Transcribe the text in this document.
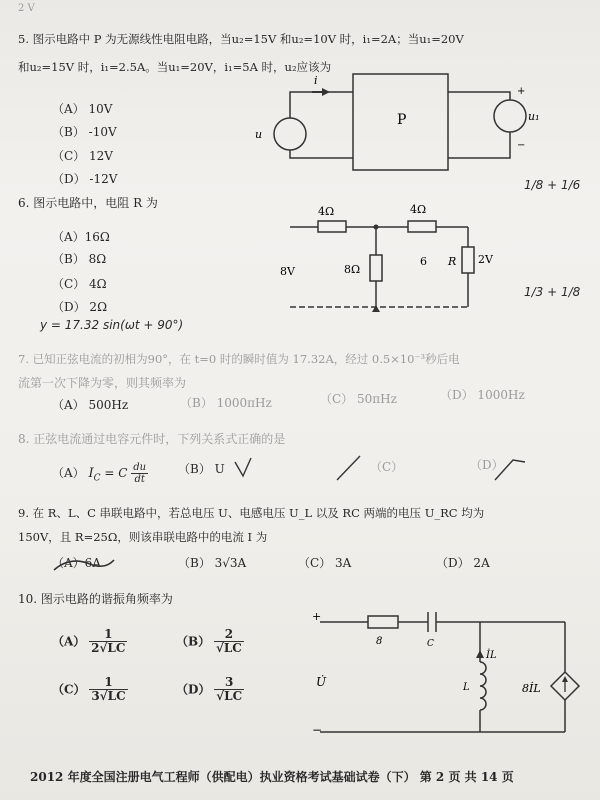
2 V
5. 图示电路中 P 为无源线性电阻电路，当u₂=15V 和u₂=10V 时，i₁=2A；当u₁=20V
和u₂=15V 时，i₁=2.5A。当u₁=20V，i₁=5A 时，u₂应该为
（A） 10V
（B） -10V
（C） 12V
（D） -12V
P
u
u₁
i
+
−
6. 图示电路中，电阻 R 为
（A）16Ω
（B） 8Ω
（C） 4Ω
（D） 2Ω
4Ω	4Ω
8Ω
8V
6 R 2V
y = 17.32 sin(ωt + 90°)
1/8 + 1/6
1/3 + 1/8
7. 已知正弦电流的初相为90°，在 t=0 时的瞬时值为 17.32A，经过 0.5×10⁻³秒后电
流第一次下降为零，则其频率为
（A） 500Hz	（B） 1000πHz	（C） 50πHz	（D） 1000Hz
8. 正弦电流通过电容元件时，下列关系式正确的是
（A） $I_C = C \frac{du}{dt} (B)$ U	（C）	（D）
9. 在 R、L、C 串联电路中，若总电压 U、电感电压 U_L 以及 RC 两端的电压 U_RC 均为
150V，且 R=25Ω，则该串联电路中的电流 I 为
（A）6A	（B） 3√3A	（C） 3A	（D） 2A
10. 图示电路的谐振角频率为
$(A) \frac{1}{2√LC}$	$(B) \frac{2}{√LC}$
$(C) \frac{1}{3√LC}$	$(D) \frac{3}{√LC}$
+
−
U̇
8	C
İL
L	8İL
2012 年度全国注册电气工程师（供配电）执业资格考试基础试卷（下） 第 2 页 共 14 页
